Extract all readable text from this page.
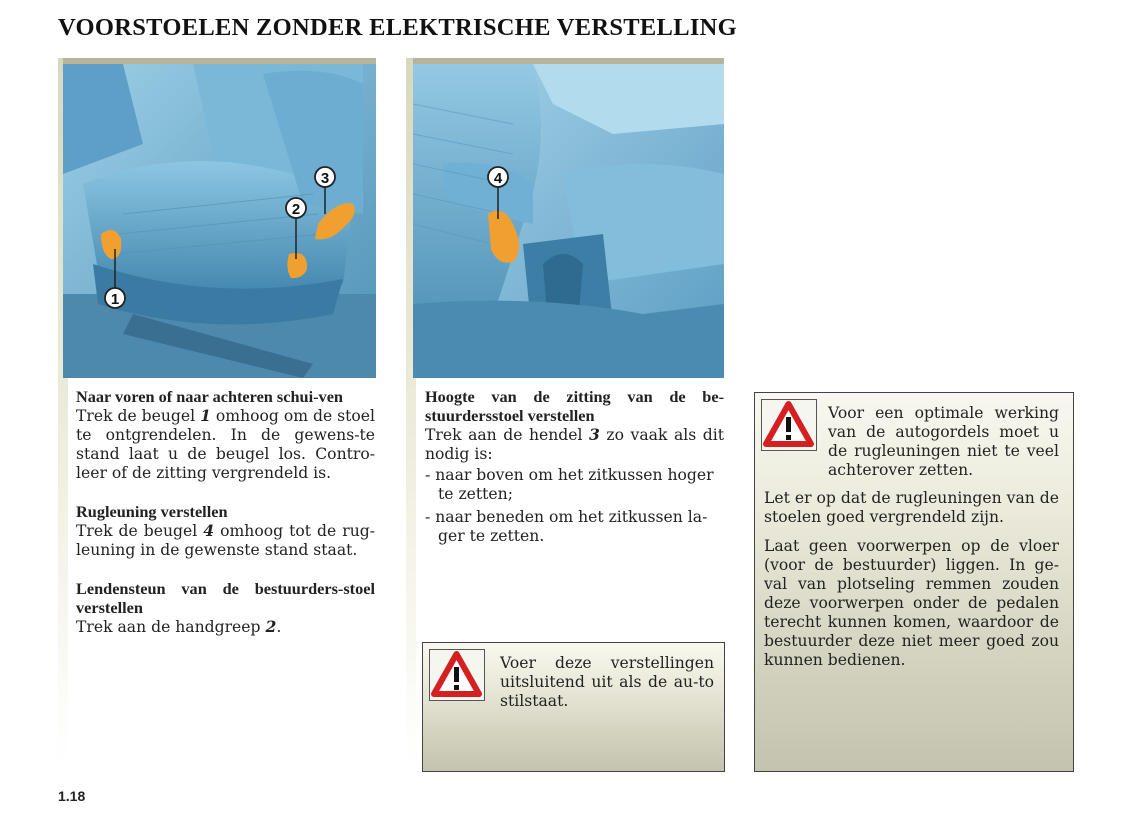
VOORSTOELEN ZONDER ELEKTRISCHE VERSTELLING
1
2
3	4
Naar voren of naar achteren schui-ven
Trek de beugel 1 omhoog om de stoel te ontgrendelen. In de gewens-te stand laat u de beugel los. Contro-leer of de zitting vergrendeld is.
Rugleuning verstellen
Trek de beugel 4 omhoog tot de rug-leuning in de gewenste stand staat.
Lendensteun van de bestuurders-stoel verstellen
Trek aan de handgreep 2.
Hoogte van de zitting van de be-stuurdersstoel verstellen
Trek aan de hendel 3 zo vaak als dit nodig is:
- naar boven om het zitkussen hoger te zetten;
- naar beneden om het zitkussen la-ger te zetten.
Voer deze verstellingen uitsluitend uit als de au-to stilstaat.
Voor een optimale werking van de autogordels moet u de rugleuningen niet te veel achterover zetten.
Let er op dat de rugleuningen van de stoelen goed vergrendeld zijn.
Laat geen voorwerpen op de vloer (voor de bestuurder) liggen. In ge-val van plotseling remmen zouden deze voorwerpen onder de pedalen terecht kunnen komen, waardoor de bestuurder deze niet meer goed zou kunnen bedienen.
1.18
